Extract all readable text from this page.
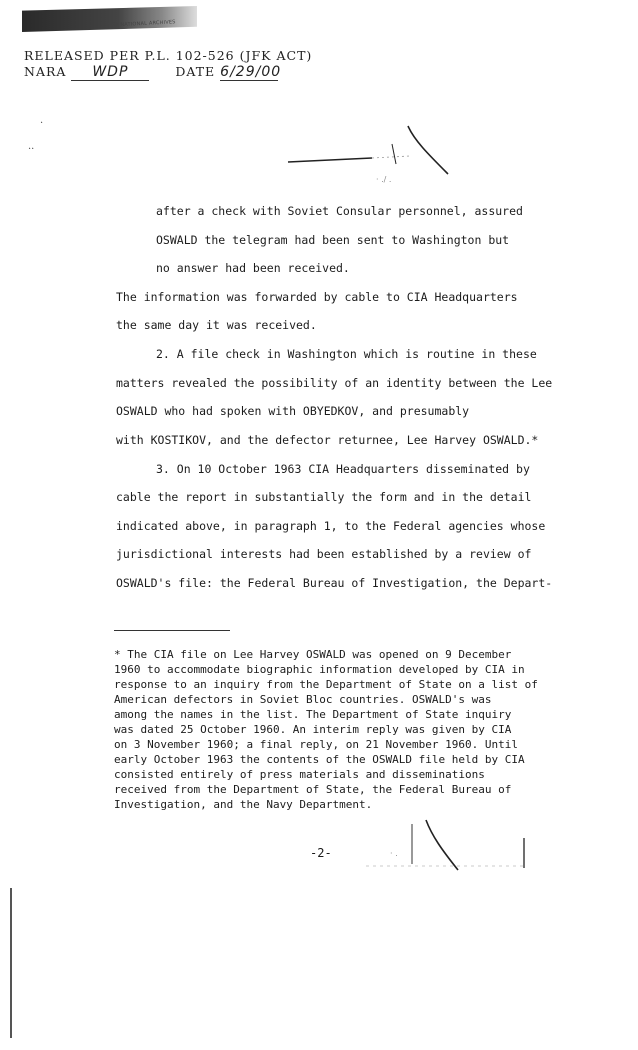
THE NATIONAL ARCHIVES
RELEASED PER P.L. 102-526 (JFK ACT)
NARA WDP	DATE 6/29/00
·
··
· ./ .
after a check with Soviet Consular personnel, assured
OSWALD the telegram had been sent to Washington but
no answer had been received.
The information was forwarded by cable to CIA Headquarters
the same day it was received.
2. A file check in Washington which is routine in these
matters revealed the possibility of an identity between the Lee
OSWALD who had spoken with OBYEDKOV, and presumably
with KOSTIKOV, and the defector returnee, Lee Harvey OSWALD.*
3. On 10 October 1963 CIA Headquarters disseminated by
cable the report in substantially the form and in the detail
indicated above, in paragraph 1, to the Federal agencies whose
jurisdictional interests had been established by a review of
OSWALD's file: the Federal Bureau of Investigation, the Depart-
* The CIA file on Lee Harvey OSWALD was opened on 9 December
1960 to accommodate biographic information developed by CIA in
response to an inquiry from the Department of State on a list of
American defectors in Soviet Bloc countries. OSWALD's was
among the names in the list. The Department of State inquiry
was dated 25 October 1960. An interim reply was given by CIA
on 3 November 1960; a final reply, on 21 November 1960. Until
early October 1963 the contents of the OSWALD file held by CIA
consisted entirely of press materials and disseminations
received from the Department of State, the Federal Bureau of
Investigation, and the Navy Department.
-2-	· .
